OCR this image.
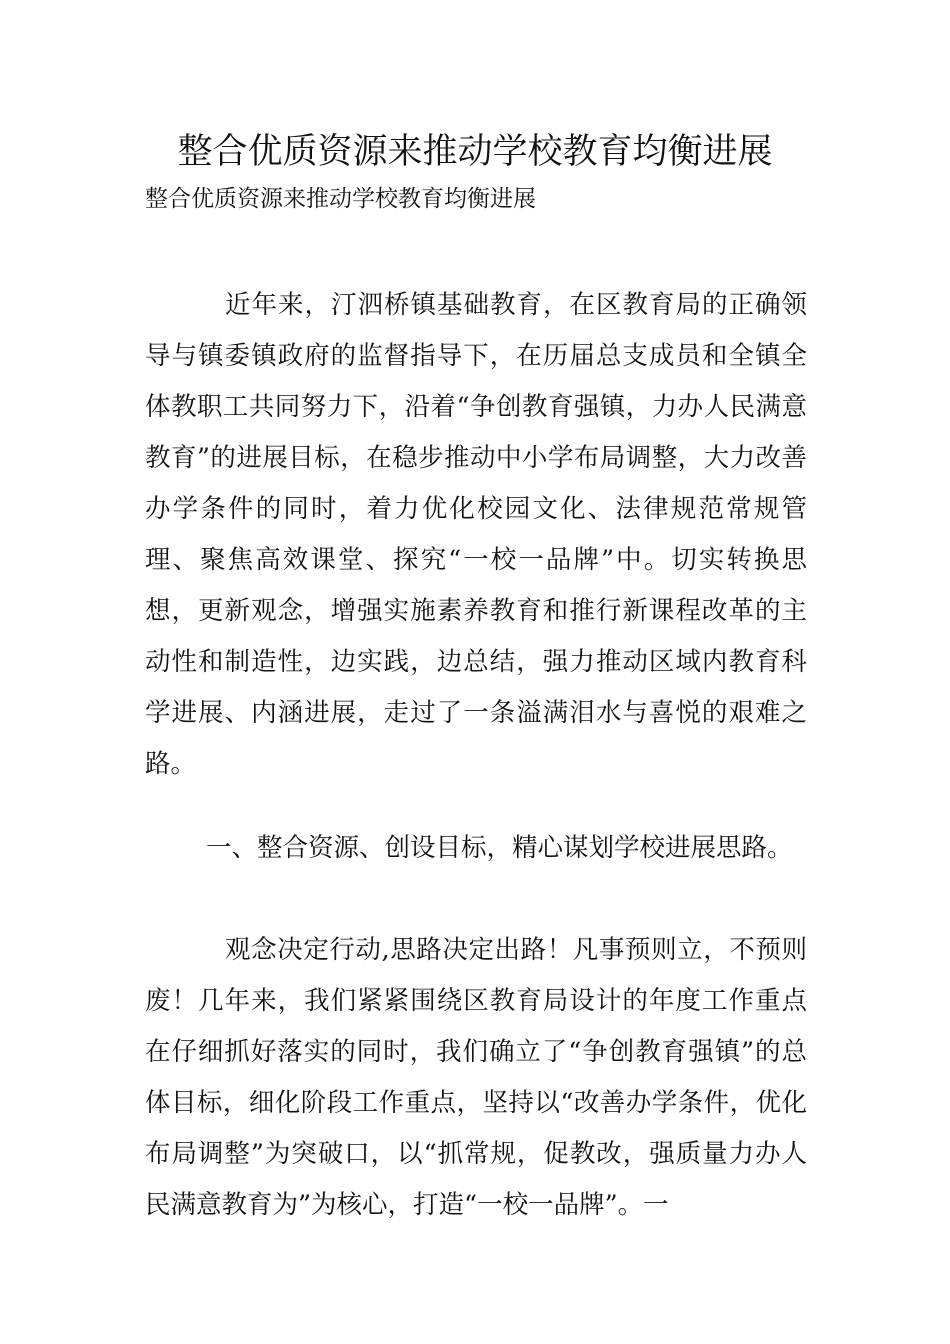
整合优质资源来推动学校教育均衡进展
整合优质资源来推动学校教育均衡进展

近年来，汀泗桥镇基础教育，在区教育局的正确领导与镇委镇政府的监督指导下，在历届总支成员和全镇全体教职工共同努力下，沿着“争创教育强镇，力办人民满意教育”的进展目标，在稳步推动中小学布局调整，大力改善办学条件的同时，着力优化校园文化、法律规范常规管理、聚焦高效课堂、探究“一校一品牌”中。切实转换思想，更新观念，增强实施素养教育和推行新课程改革的主动性和制造性，边实践，边总结，强力推动区域内教育科学进展、内涵进展，走过了一条溢满泪水与喜悦的艰难之路。

一、整合资源、创设目标，精心谋划学校进展思路。

观念决定行动,思路决定出路！凡事预则立，不预则废！几年来，我们紧紧围绕区教育局设计的年度工作重点在仔细抓好落实的同时，我们确立了“争创教育强镇”的总体目标，细化阶段工作重点，坚持以“改善办学条件，优化布局调整”为突破口，以“抓常规，促教改，强质量力办人民满意教育为”为核心，打造“一校一品牌”。一
